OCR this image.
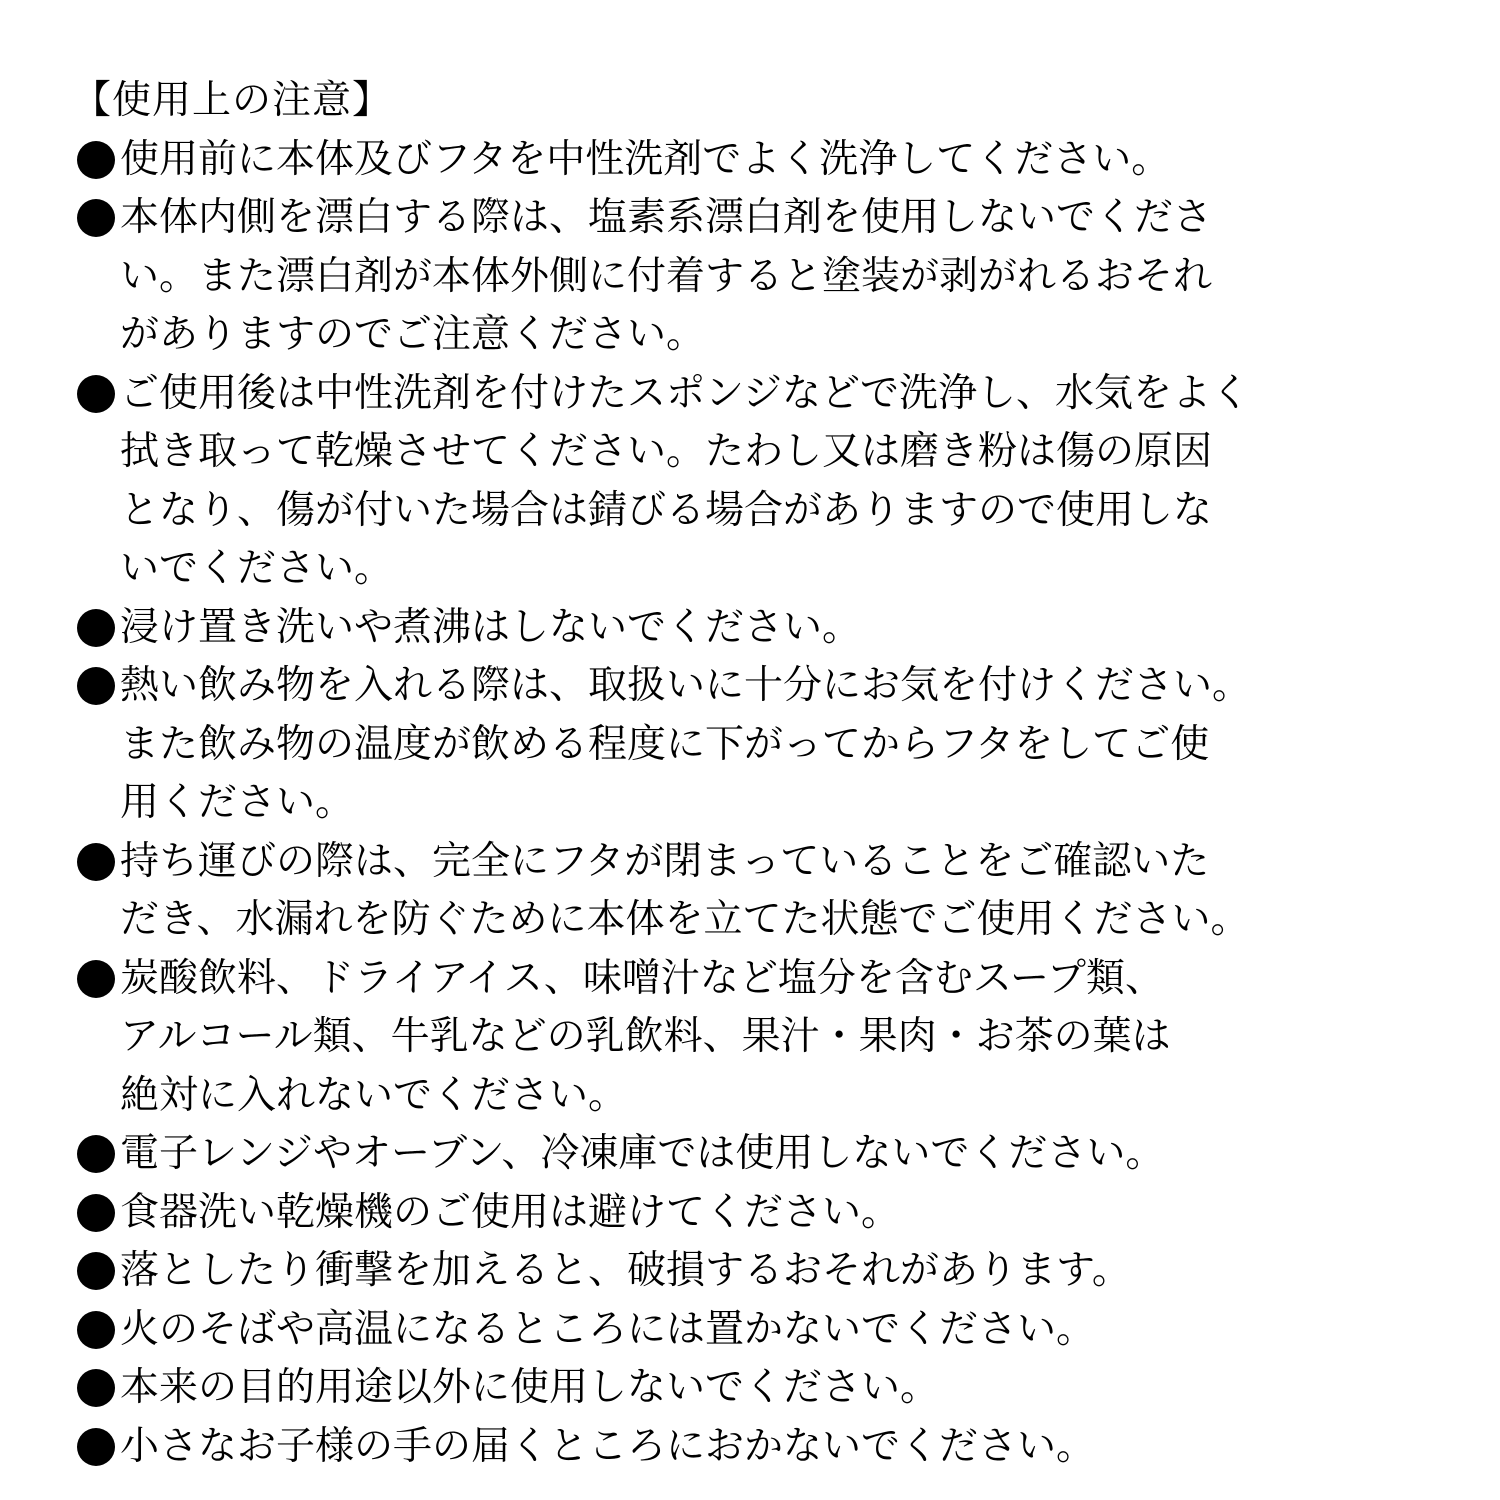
【使用上の注意】
使用前に本体及びフタを中性洗剤でよく洗浄してください。
本体内側を漂白する際は、塩素系漂白剤を使用しないでくださ
い。また漂白剤が本体外側に付着すると塗装が剥がれるおそれ
がありますのでご注意ください。
ご使用後は中性洗剤を付けたスポンジなどで洗浄し、水気をよく
拭き取って乾燥させてください。たわし又は磨き粉は傷の原因
となり、傷が付いた場合は錆びる場合がありますので使用しな
いでください。
浸け置き洗いや煮沸はしないでください。
熱い飲み物を入れる際は、取扱いに十分にお気を付けください。
また飲み物の温度が飲める程度に下がってからフタをしてご使
用ください。
持ち運びの際は、完全にフタが閉まっていることをご確認いた
だき、水漏れを防ぐために本体を立てた状態でご使用ください。
炭酸飲料、ドライアイス、味噌汁など塩分を含むスープ類、
アルコール類、牛乳などの乳飲料、果汁・果肉・お茶の葉は
絶対に入れないでください。
電子レンジやオーブン、冷凍庫では使用しないでください。
食器洗い乾燥機のご使用は避けてください。
落としたり衝撃を加えると、破損するおそれがあります。
火のそばや高温になるところには置かないでください。
本来の目的用途以外に使用しないでください。
小さなお子様の手の届くところにおかないでください。
